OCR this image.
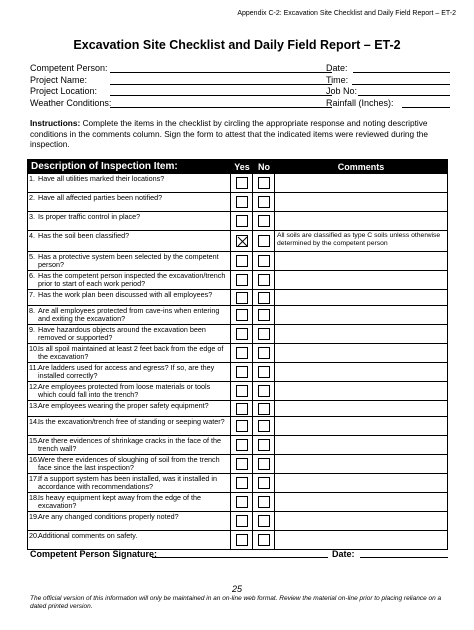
Appendix C-2: Excavation Site Checklist and Daily Field Report – ET-2
Excavation Site Checklist and Daily Field Report – ET-2
Competent Person:	Date:
Project Name:	Time:
Project Location:	Job No:
Weather Conditions:	Rainfall (Inches):
Instructions: Complete the items in the checklist by circling the appropriate response and noting descriptive conditions in the comments column. Sign the form to attest that the indicated items were reviewed during the inspection.
Description of Inspection Item:	Yes No	Comments
1. Have all utilities marked their locations?
2. Have all affected parties been notified?
3. Is proper traffic control in place?
4. Has the soil been classified?	All soils are classified as type C soils unless otherwise determined by the competent person
5. Has a protective system been selected by the competent person?
6. Has the competent person inspected the excavation/trench prior to start of each work period?
7. Has the work plan been discussed with all employees?
8. Are all employees protected from cave-ins when entering and exiting the excavation?
9. Have hazardous objects around the excavation been removed or supported?
10. Is all spoil maintained at least 2 feet back from the edge of the excavation?
11. Are ladders used for access and egress? If so, are they installed correctly?
12. Are employees protected from loose materials or tools which could fall into the trench?
13. Are employees wearing the proper safety equipment?
14. Is the excavation/trench free of standing or seeping water?
15. Are there evidences of shrinkage cracks in the face of the trench wall?
16. Were there evidences of sloughing of soil from the trench face since the last inspection?
17. If a support system has been installed, was it installed in accordance with recommendations?
18. Is heavy equipment kept away from the edge of the excavation?
19. Are any changed conditions properly noted?
20. Additional comments on safety.
Competent Person Signature:	Date:
25
The official version of this information will only be maintained in an on-line web format. Review the material on-line prior to placing reliance on a dated printed version.
